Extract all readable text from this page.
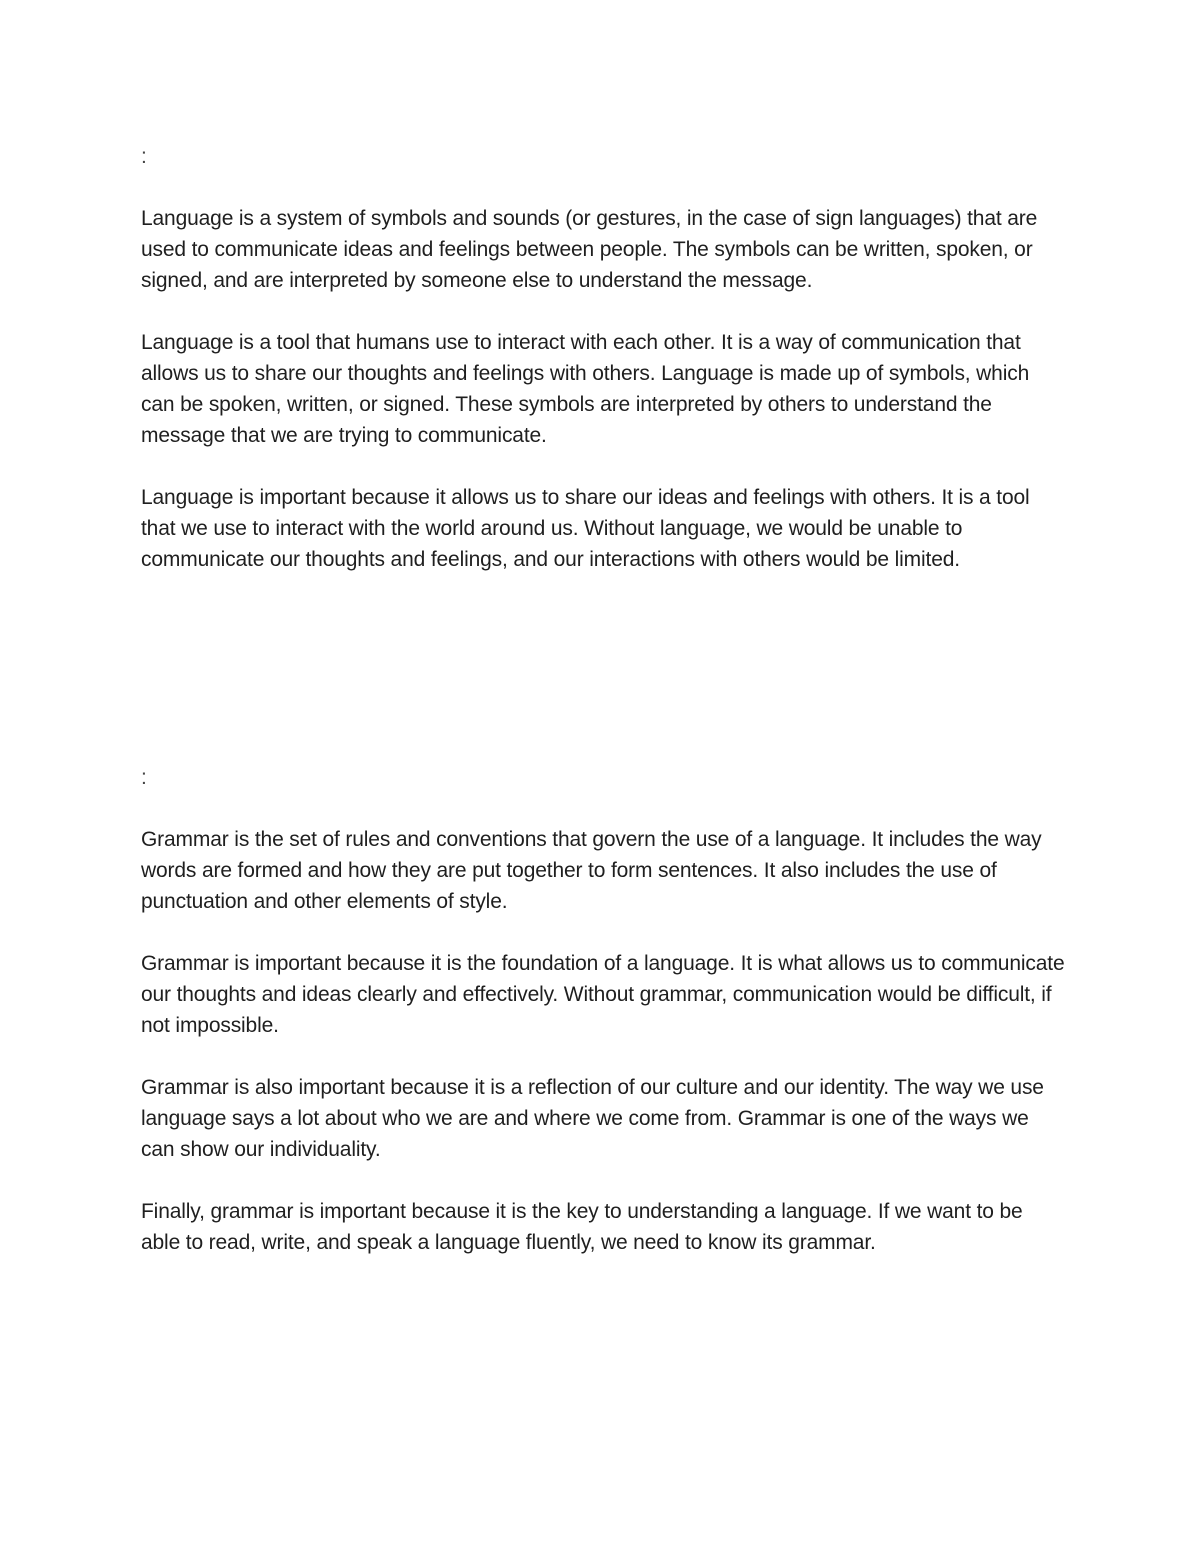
:

Language is a system of symbols and sounds (or gestures, in the case of sign languages) that are used to communicate ideas and feelings between people. The symbols can be written, spoken, or signed, and are interpreted by someone else to understand the message.

Language is a tool that humans use to interact with each other. It is a way of communication that allows us to share our thoughts and feelings with others. Language is made up of symbols, which can be spoken, written, or signed. These symbols are interpreted by others to understand the message that we are trying to communicate.

Language is important because it allows us to share our ideas and feelings with others. It is a tool that we use to interact with the world around us. Without language, we would be unable to communicate our thoughts and feelings, and our interactions with others would be limited.

:

Grammar is the set of rules and conventions that govern the use of a language. It includes the way words are formed and how they are put together to form sentences. It also includes the use of punctuation and other elements of style.

Grammar is important because it is the foundation of a language. It is what allows us to communicate our thoughts and ideas clearly and effectively. Without grammar, communication would be difficult, if not impossible.

Grammar is also important because it is a reflection of our culture and our identity. The way we use language says a lot about who we are and where we come from. Grammar is one of the ways we can show our individuality.

Finally, grammar is important because it is the key to understanding a language. If we want to be able to read, write, and speak a language fluently, we need to know its grammar.
